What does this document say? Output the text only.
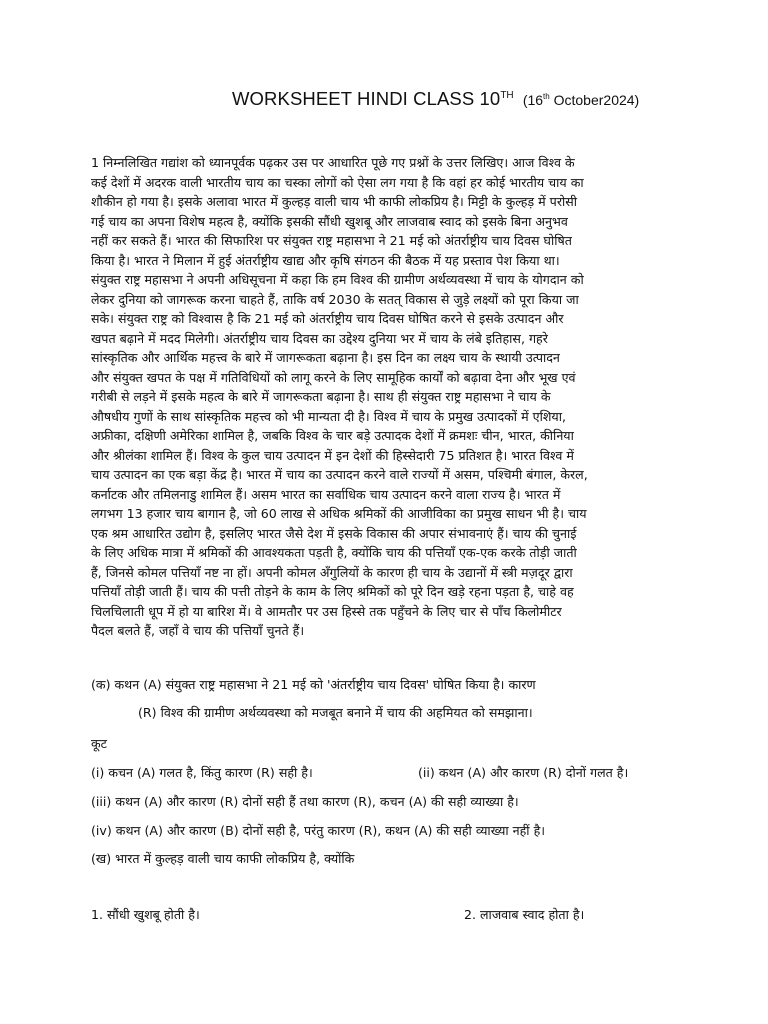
WORKSHEET HINDI CLASS 10TH (16th October2024)
1 निम्नलिखित गद्यांश को ध्यानपूर्वक पढ़कर उस पर आधारित पूछे गए प्रश्नों के उत्तर लिखिए। आज विश्व के
कई देशों में अदरक वाली भारतीय चाय का चस्का लोगों को ऐसा लग गया है कि वहां हर कोई भारतीय चाय का
शौकीन हो गया है। इसके अलावा भारत में कुल्हड़ वाली चाय भी काफी लोकप्रिय है। मिट्टी के कुल्हड़ में परोसी
गई चाय का अपना विशेष महत्व है, क्योंकि इसकी सौंधी खुशबू और लाजवाब स्वाद को इसके बिना अनुभव
नहीं कर सकते हैं। भारत की सिफारिश पर संयुक्त राष्ट्र महासभा ने 21 मई को अंतर्राष्ट्रीय चाय दिवस घोषित
किया है। भारत ने मिलान में हुई अंतर्राष्ट्रीय खाद्य और कृषि संगठन की बैठक में यह प्रस्ताव पेश किया था।
संयुक्त राष्ट्र महासभा ने अपनी अधिसूचना में कहा कि हम विश्व की ग्रामीण अर्थव्यवस्था में चाय के योगदान को
लेकर दुनिया को जागरूक करना चाहते हैं, ताकि वर्ष 2030 के सतत् विकास से जुड़े लक्ष्यों को पूरा किया जा
सके। संयुक्त राष्ट्र को विश्वास है कि 21 मई को अंतर्राष्ट्रीय चाय दिवस घोषित करने से इसके उत्पादन और
खपत बढ़ाने में मदद मिलेगी। अंतर्राष्ट्रीय चाय दिवस का उद्देश्य दुनिया भर में चाय के लंबे इतिहास, गहरे
सांस्कृतिक और आर्थिक महत्त्व के बारे में जागरूकता बढ़ाना है। इस दिन का लक्ष्य चाय के स्थायी उत्पादन
और संयुक्त खपत के पक्ष में गतिविधियों को लागू करने के लिए सामूहिक कार्यों को बढ़ावा देना और भूख एवं
गरीबी से लड़ने में इसके महत्व के बारे में जागरूकता बढ़ाना है। साथ ही संयुक्त राष्ट्र महासभा ने चाय के
औषधीय गुणों के साथ सांस्कृतिक महत्त्व को भी मान्यता दी है। विश्व में चाय के प्रमुख उत्पादकों में एशिया,
अफ्रीका, दक्षिणी अमेरिका शामिल है, जबकि विश्व के चार बड़े उत्पादक देशों में क्रमशः चीन, भारत, कीनिया
और श्रीलंका शामिल हैं। विश्व के कुल चाय उत्पादन में इन देशों की हिस्सेदारी 75 प्रतिशत है। भारत विश्व में
चाय उत्पादन का एक बड़ा केंद्र है। भारत में चाय का उत्पादन करने वाले राज्यों में असम, पश्चिमी बंगाल, केरल,
कर्नाटक और तमिलनाडु शामिल हैं। असम भारत का सर्वाधिक चाय उत्पादन करने वाला राज्य है। भारत में
लगभग 13 हजार चाय बागान है, जो 60 लाख से अधिक श्रमिकों की आजीविका का प्रमुख साधन भी है। चाय
एक श्रम आधारित उद्योग है, इसलिए भारत जैसे देश में इसके विकास की अपार संभावनाएं हैं। चाय की चुनाई
के लिए अधिक मात्रा में श्रमिकों की आवश्यकता पड़ती है, क्योंकि चाय की पत्तियाँ एक-एक करके तोड़ी जाती
हैं, जिनसे कोमल पत्तियाँ नष्ट ना हों। अपनी कोमल अँगुलियों के कारण ही चाय के उद्यानों में स्त्री मज़दूर द्वारा
पत्तियाँ तोड़ी जाती हैं। चाय की पत्ती तोड़ने के काम के लिए श्रमिकों को पूरे दिन खड़े रहना पड़ता है, चाहे वह
चिलचिलाती धूप में हो या बारिश में। वे आमतौर पर उस हिस्से तक पहुँचने के लिए चार से पाँच किलोमीटर
पैदल बलते हैं, जहाँ वे चाय की पत्तियाँ चुनते हैं।
(क) कथन (A) संयुक्त राष्ट्र महासभा ने 21 मई को 'अंतर्राष्ट्रीय चाय दिवस' घोषित किया है। कारण
(R) विश्व की ग्रामीण अर्थव्यवस्था को मजबूत बनाने में चाय की अहमियत को समझाना।
कूट
(i) कचन (A) गलत है, किंतु कारण (R) सही है।	(ii) कथन (A) और कारण (R) दोनों गलत है।
(iii) कथन (A) और कारण (R) दोनों सही हैं तथा कारण (R), कचन (A) की सही व्याख्या है।
(iv) कथन (A) और कारण (B) दोनों सही है, परंतु कारण (R), कथन (A) की सही व्याख्या नहीं है।
(ख) भारत में कुल्हड़ वाली चाय काफी लोकप्रिय है, क्योंकि
1. सौंधी खुशबू होती है।	2. लाजवाब स्वाद होता है।
